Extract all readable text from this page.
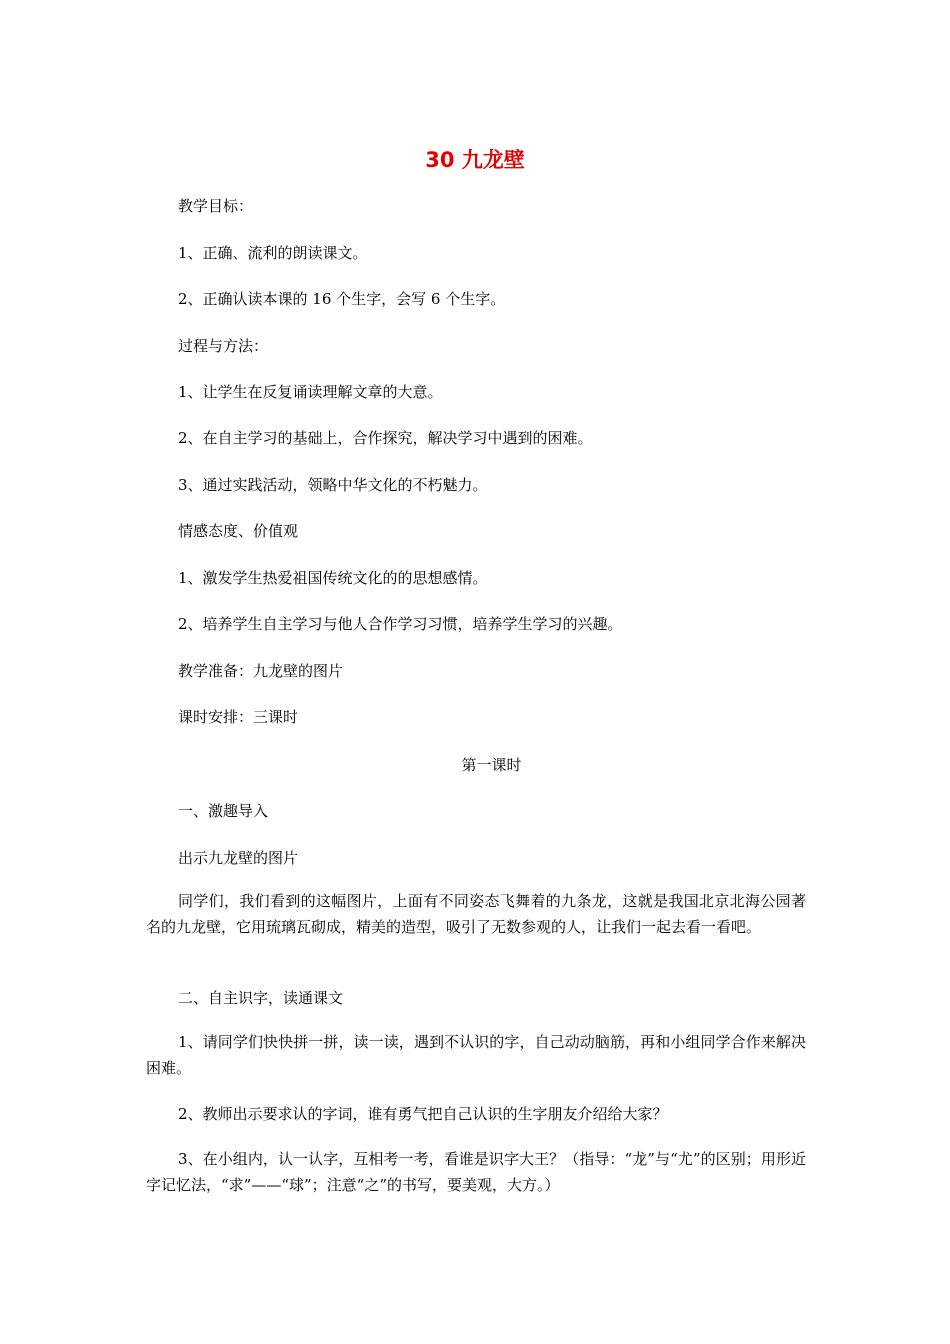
30 九龙壁

教学目标：

1、正确、流利的朗读课文。

2、正确认读本课的 16 个生字，会写 6 个生字。

过程与方法：

1、让学生在反复诵读理解文章的大意。

2、在自主学习的基础上，合作探究，解决学习中遇到的困难。

3、通过实践活动，领略中华文化的不朽魅力。

情感态度、价值观

1、激发学生热爱祖国传统文化的的思想感情。

2、培养学生自主学习与他人合作学习习惯，培养学生学习的兴趣。

教学准备：九龙壁的图片

课时安排：三课时

第一课时

一、激趣导入

出示九龙壁的图片

同学们，我们看到的这幅图片，上面有不同姿态飞舞着的九条龙，这就是我国北京北海公园著名的九龙壁，它用琉璃瓦砌成，精美的造型，吸引了无数参观的人，让我们一起去看一看吧。

二、自主识字，读通课文

1、请同学们快快拼一拼，读一读，遇到不认识的字，自己动动脑筋，再和小组同学合作来解决困难。

2、教师出示要求认的字词，谁有勇气把自己认识的生字朋友介绍给大家？

3、在小组内，认一认字，互相考一考，看谁是识字大王？（指导：“龙”与“尤”的区别；用形近字记忆法，“求”——“球”；注意“之”的书写，要美观，大方。）
